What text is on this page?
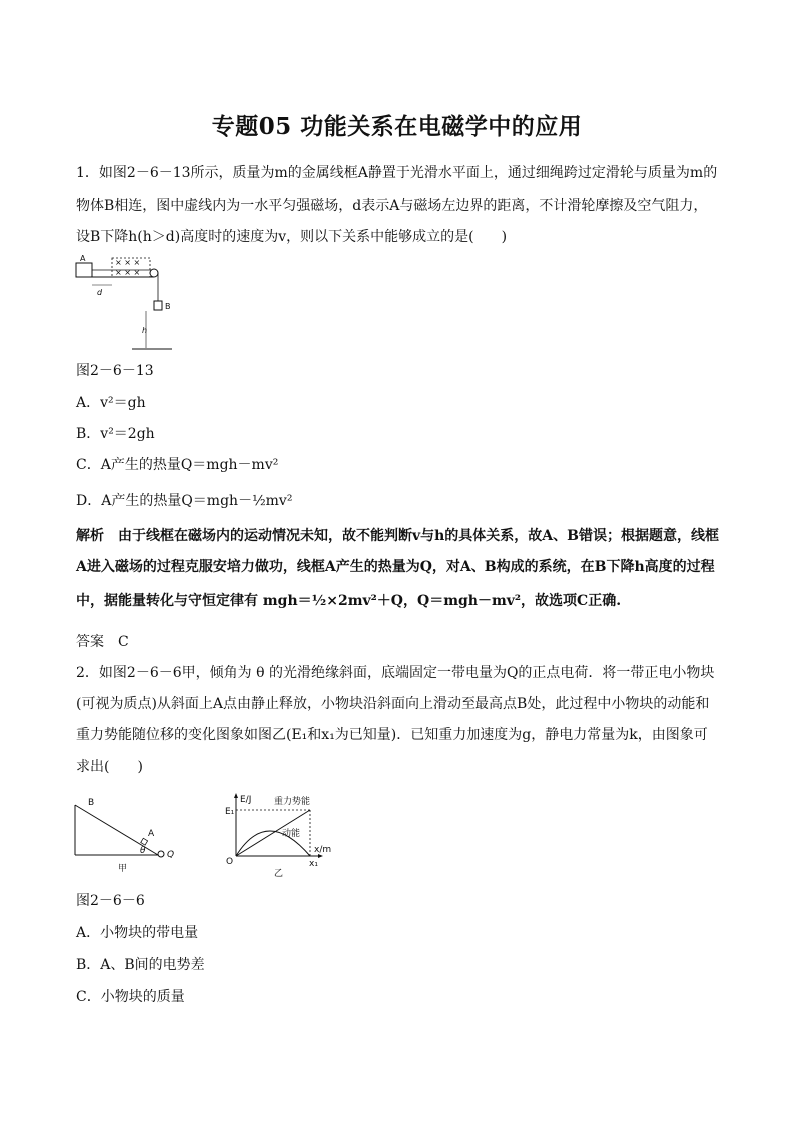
专题05 功能关系在电磁学中的应用
1．如图2－6－13所示，质量为m的金属线框A静置于光滑水平面上，通过细绳跨过定滑轮与质量为m的
物体B相连，图中虚线内为一水平匀强磁场，d表示A与磁场左边界的距离，不计滑轮摩擦及空气阻力，
设B下降h(h＞d)高度时的速度为v，则以下关系中能够成立的是(　　)
A	× × ×
× × ×
B
d
h
图2－6－13
A．v²＝gh
B．v²＝2gh
C．A产生的热量Q＝mgh－mv²
D．A产生的热量Q＝mgh－½mv²
解析　由于线框在磁场内的运动情况未知，故不能判断v与h的具体关系，故A、B错误；根据题意，线框
A进入磁场的过程克服安培力做功，线框A产生的热量为Q，对A、B构成的系统，在B下降h高度的过程
中，据能量转化与守恒定律有 mgh＝½×2mv²＋Q，Q＝mgh－mv²，故选项C正确.
答案　C
2．如图2－6－6甲，倾角为 θ 的光滑绝缘斜面，底端固定一带电量为Q的正点电荷．将一带正电小物块
(可视为质点)从斜面上A点由静止释放，小物块沿斜面向上滑动至最高点B处，此过程中小物块的动能和
重力势能随位移的变化图象如图乙(E₁和x₁为已知量)．已知重力加速度为g，静电力常量为k，由图象可
求出(　　)
B
A
θ Q
甲
E/J
x/m
E₁
x₁
O
重力势能
动能
乙
图2－6－6
A．小物块的带电量
B．A、B间的电势差
C．小物块的质量
